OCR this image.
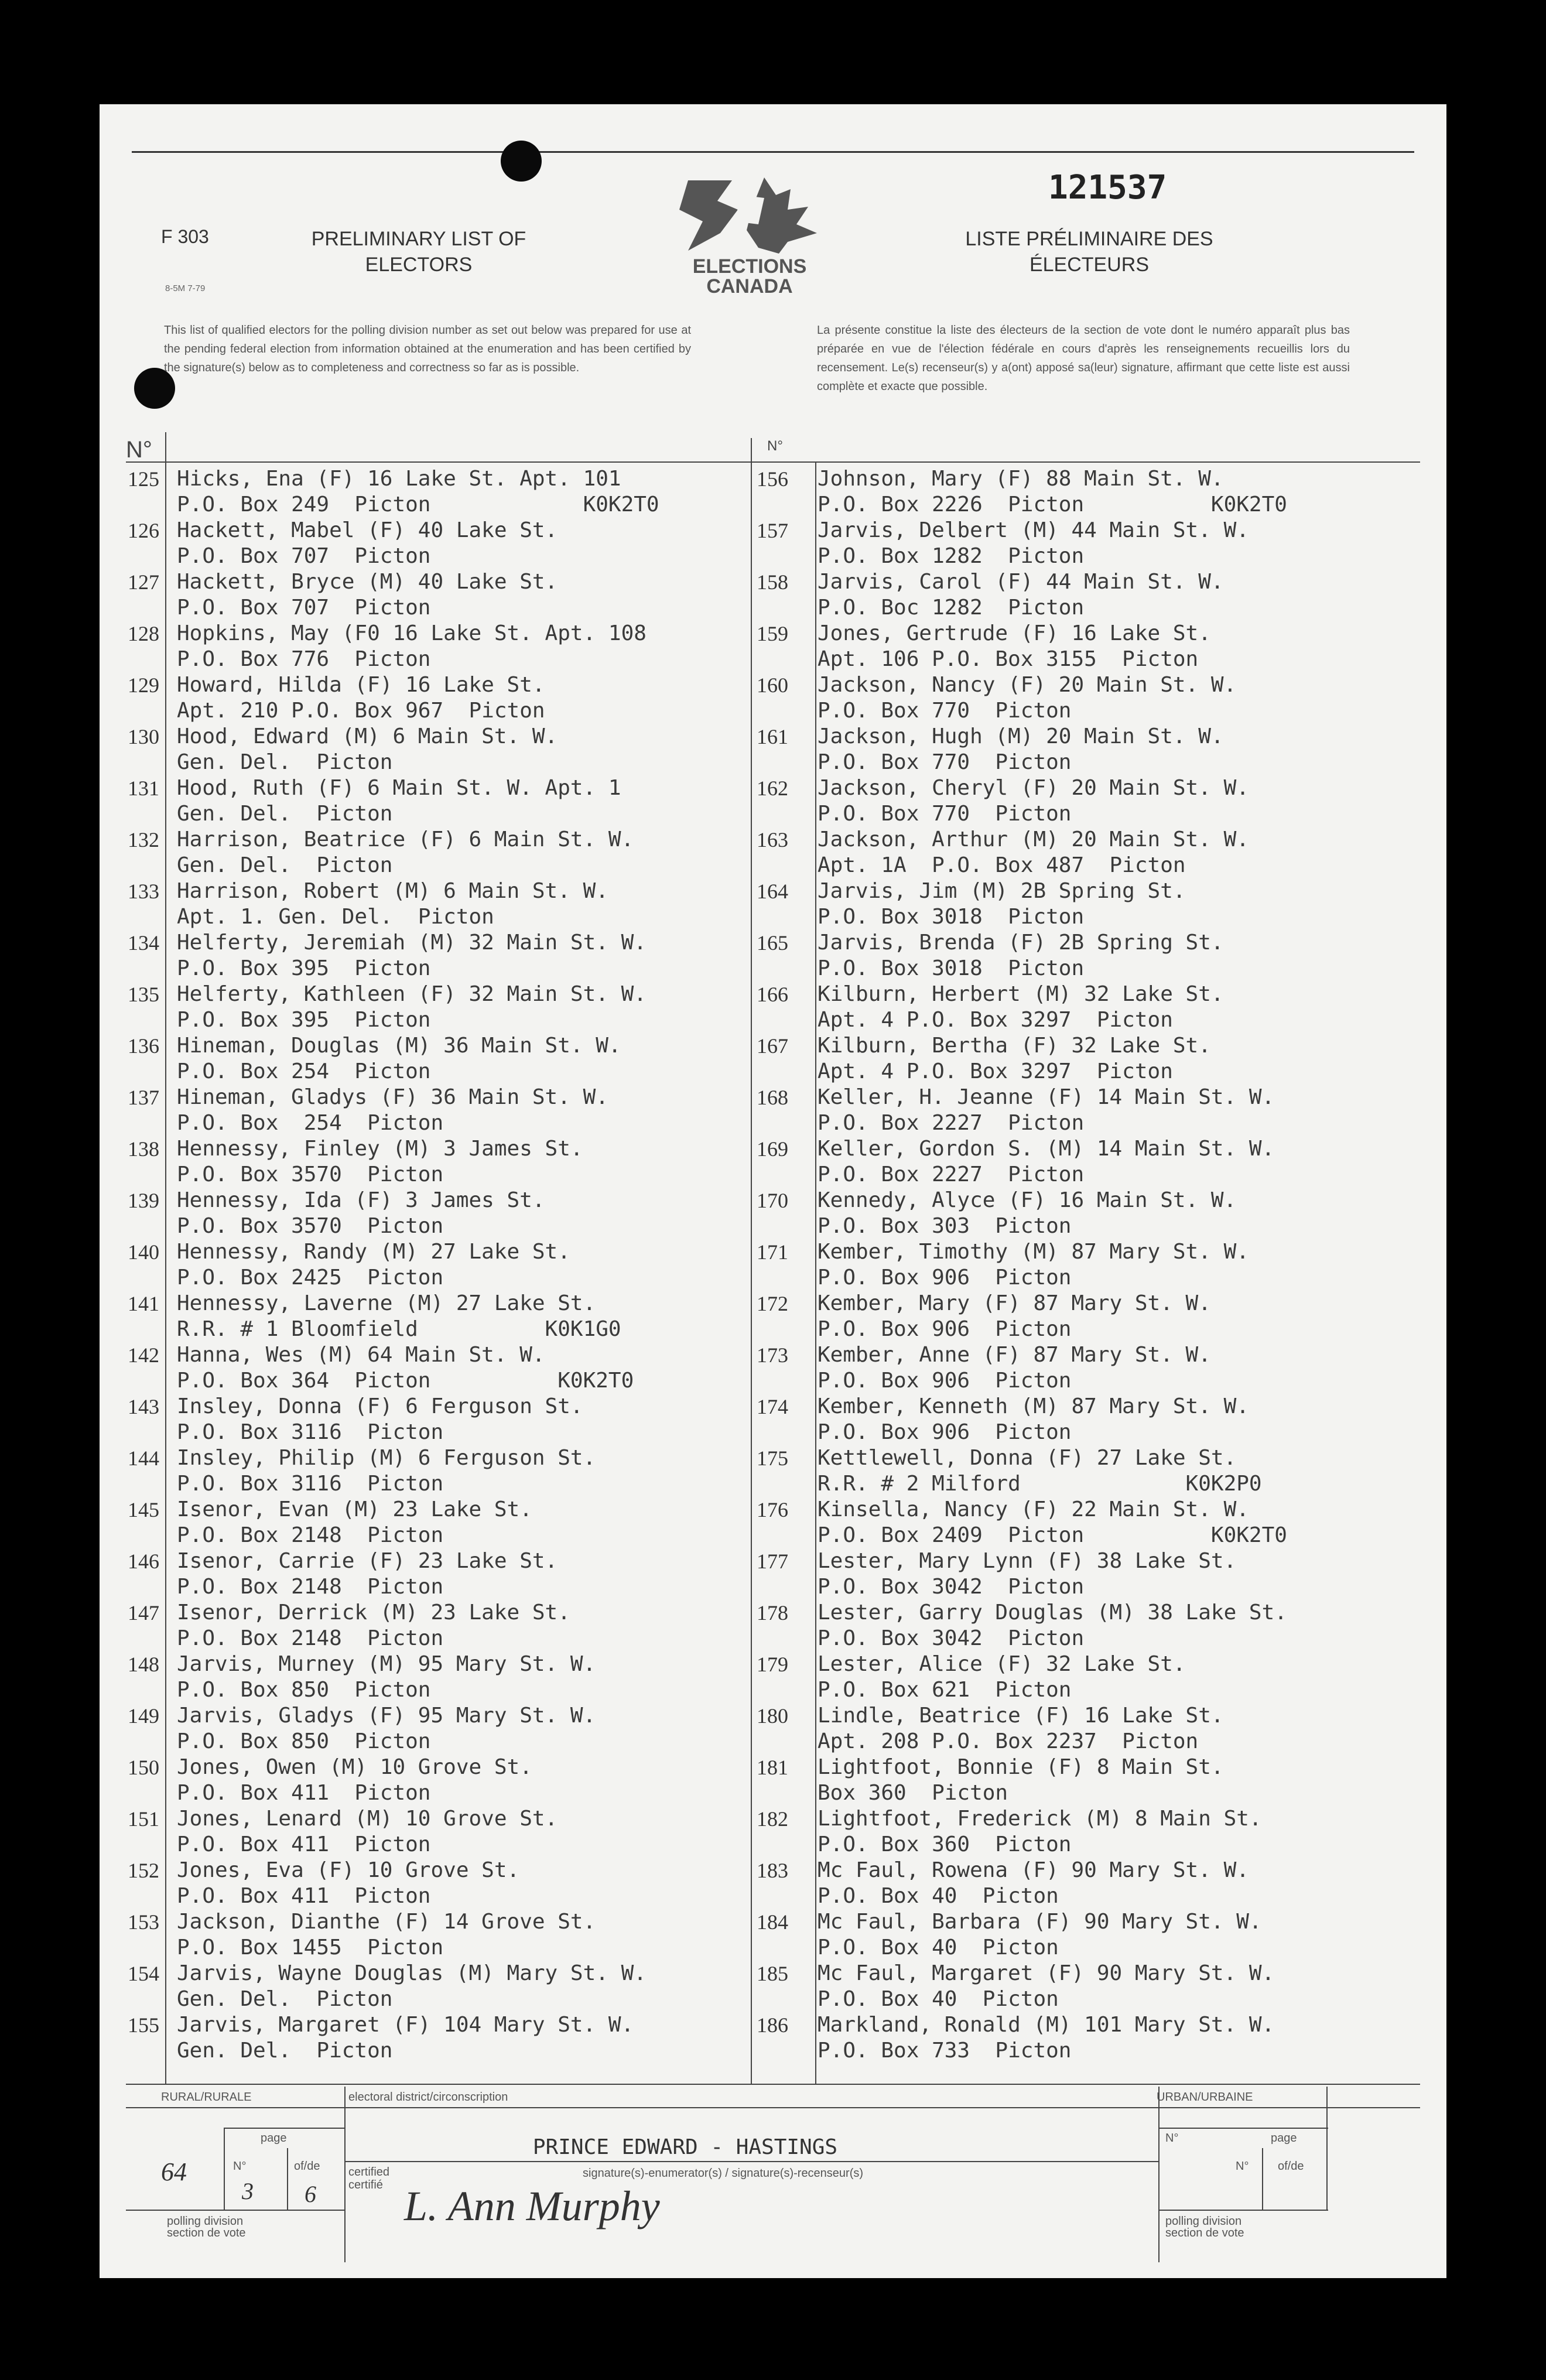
F 303
8-5M 7-79
PRELIMINARY LIST OF ELECTORS
LISTE PRÉLIMINAIRE DES ÉLECTEURS
121537
ELECTIONS CANADA
This list of qualified electors for the polling division number as set out below was prepared for use at the pending federal election from information obtained at the enumeration and has been certified by the signature(s) below as to completeness and correctness so far as is possible.
La présente constitue la liste des électeurs de la section de vote dont le numéro apparaît plus bas préparée en vue de l'élection fédérale en cours d'après les renseignements recueillis lors du recensement. Le(s) recenseur(s) y a(ont) apposé sa(leur) signature, affirmant que cette liste est aussi complète et exacte que possible.
N°	N°
125 Hicks, Ena (F) 16 Lake St. Apt. 101
P.O. Box 249  Picton            K0K2T0
126 Hackett, Mabel (F) 40 Lake St.
P.O. Box 707  Picton
127 Hackett, Bryce (M) 40 Lake St.
P.O. Box 707  Picton
128 Hopkins, May (F0 16 Lake St. Apt. 108
P.O. Box 776  Picton
129 Howard, Hilda (F) 16 Lake St.
Apt. 210 P.O. Box 967  Picton
130 Hood, Edward (M) 6 Main St. W.
Gen. Del.  Picton
131 Hood, Ruth (F) 6 Main St. W. Apt. 1
Gen. Del.  Picton
132 Harrison, Beatrice (F) 6 Main St. W.
Gen. Del.  Picton
133 Harrison, Robert (M) 6 Main St. W.
Apt. 1. Gen. Del.  Picton
134 Helferty, Jeremiah (M) 32 Main St. W.
P.O. Box 395  Picton
135 Helferty, Kathleen (F) 32 Main St. W.
P.O. Box 395  Picton
136 Hineman, Douglas (M) 36 Main St. W.
P.O. Box 254  Picton
137 Hineman, Gladys (F) 36 Main St. W.
P.O. Box  254  Picton
138 Hennessy, Finley (M) 3 James St.
P.O. Box 3570  Picton
139 Hennessy, Ida (F) 3 James St.
P.O. Box 3570  Picton
140 Hennessy, Randy (M) 27 Lake St.
P.O. Box 2425  Picton
141 Hennessy, Laverne (M) 27 Lake St.
R.R. # 1 Bloomfield          K0K1G0
142 Hanna, Wes (M) 64 Main St. W.
P.O. Box 364  Picton          K0K2T0
143 Insley, Donna (F) 6 Ferguson St.
P.O. Box 3116  Picton
144 Insley, Philip (M) 6 Ferguson St.
P.O. Box 3116  Picton
145 Isenor, Evan (M) 23 Lake St.
P.O. Box 2148  Picton
146 Isenor, Carrie (F) 23 Lake St.
P.O. Box 2148  Picton
147 Isenor, Derrick (M) 23 Lake St.
P.O. Box 2148  Picton
148 Jarvis, Murney (M) 95 Mary St. W.
P.O. Box 850  Picton
149 Jarvis, Gladys (F) 95 Mary St. W.
P.O. Box 850  Picton
150 Jones, Owen (M) 10 Grove St.
P.O. Box 411  Picton
151 Jones, Lenard (M) 10 Grove St.
P.O. Box 411  Picton
152 Jones, Eva (F) 10 Grove St.
P.O. Box 411  Picton
153 Jackson, Dianthe (F) 14 Grove St.
P.O. Box 1455  Picton
154 Jarvis, Wayne Douglas (M) Mary St. W.
Gen. Del.  Picton
155 Jarvis, Margaret (F) 104 Mary St. W.
Gen. Del.  Picton
156 Johnson, Mary (F) 88 Main St. W.
P.O. Box 2226  Picton          K0K2T0
157 Jarvis, Delbert (M) 44 Main St. W.
P.O. Box 1282  Picton
158 Jarvis, Carol (F) 44 Main St. W.
P.O. Boc 1282  Picton
159 Jones, Gertrude (F) 16 Lake St.
Apt. 106 P.O. Box 3155  Picton
160 Jackson, Nancy (F) 20 Main St. W.
P.O. Box 770  Picton
161 Jackson, Hugh (M) 20 Main St. W.
P.O. Box 770  Picton
162 Jackson, Cheryl (F) 20 Main St. W.
P.O. Box 770  Picton
163 Jackson, Arthur (M) 20 Main St. W.
Apt. 1A  P.O. Box 487  Picton
164 Jarvis, Jim (M) 2B Spring St.
P.O. Box 3018  Picton
165 Jarvis, Brenda (F) 2B Spring St.
P.O. Box 3018  Picton
166 Kilburn, Herbert (M) 32 Lake St.
Apt. 4 P.O. Box 3297  Picton
167 Kilburn, Bertha (F) 32 Lake St.
Apt. 4 P.O. Box 3297  Picton
168 Keller, H. Jeanne (F) 14 Main St. W.
P.O. Box 2227  Picton
169 Keller, Gordon S. (M) 14 Main St. W.
P.O. Box 2227  Picton
170 Kennedy, Alyce (F) 16 Main St. W.
P.O. Box 303  Picton
171 Kember, Timothy (M) 87 Mary St. W.
P.O. Box 906  Picton
172 Kember, Mary (F) 87 Mary St. W.
P.O. Box 906  Picton
173 Kember, Anne (F) 87 Mary St. W.
P.O. Box 906  Picton
174 Kember, Kenneth (M) 87 Mary St. W.
P.O. Box 906  Picton
175 Kettlewell, Donna (F) 27 Lake St.
R.R. # 2 Milford             K0K2P0
176 Kinsella, Nancy (F) 22 Main St. W.
P.O. Box 2409  Picton          K0K2T0
177 Lester, Mary Lynn (F) 38 Lake St.
P.O. Box 3042  Picton
178 Lester, Garry Douglas (M) 38 Lake St.
P.O. Box 3042  Picton
179 Lester, Alice (F) 32 Lake St.
P.O. Box 621  Picton
180 Lindle, Beatrice (F) 16 Lake St.
Apt. 208 P.O. Box 2237  Picton
181 Lightfoot, Bonnie (F) 8 Main St.
Box 360  Picton
182 Lightfoot, Frederick (M) 8 Main St.
P.O. Box 360  Picton
183 Mc Faul, Rowena (F) 90 Mary St. W.
P.O. Box 40  Picton
184 Mc Faul, Barbara (F) 90 Mary St. W.
P.O. Box 40  Picton
185 Mc Faul, Margaret (F) 90 Mary St. W.
P.O. Box 40  Picton
186 Markland, Ronald (M) 101 Mary St. W.
P.O. Box 733  Picton
RURAL/RURALE	electoral district/circonscription	URBAN/URBAINE
page
N°	of/de
64
3 6
polling division
section de vote
PRINCE EDWARD - HASTINGS
certified
certifié
signature(s)-enumerator(s) / signature(s)-recenseur(s)
L. Ann Murphy
N°	page
of/de
N°
polling division
section de vote
